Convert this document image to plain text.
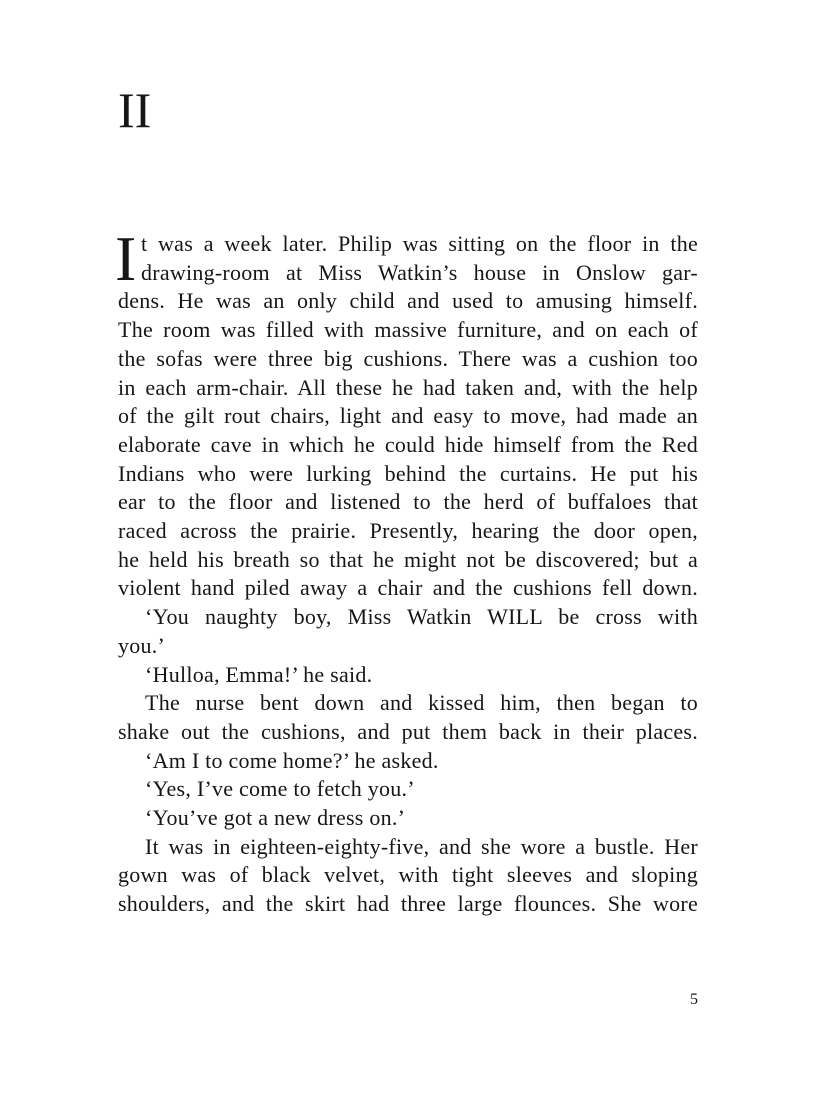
II
I t was a week later. Philip was sitting on the floor in the
drawing-room at Miss Watkin’s house in Onslow gar-
dens. He was an only child and used to amusing himself.
The room was filled with massive furniture, and on each of
the sofas were three big cushions. There was a cushion too
in each arm-chair. All these he had taken and, with the help
of the gilt rout chairs, light and easy to move, had made an
elaborate cave in which he could hide himself from the Red
Indians who were lurking behind the curtains. He put his
ear to the floor and listened to the herd of buffaloes that
raced across the prairie. Presently, hearing the door open,
he held his breath so that he might not be discovered; but a
violent hand piled away a chair and the cushions fell down.
‘You naughty boy, Miss Watkin WILL be cross with
you.’
‘Hulloa, Emma!’ he said.
The nurse bent down and kissed him, then began to
shake out the cushions, and put them back in their places.
‘Am I to come home?’ he asked.
‘Yes, I’ve come to fetch you.’
‘You’ve got a new dress on.’
It was in eighteen-eighty-five, and she wore a bustle. Her
gown was of black velvet, with tight sleeves and sloping
shoulders, and the skirt had three large flounces. She wore
5
